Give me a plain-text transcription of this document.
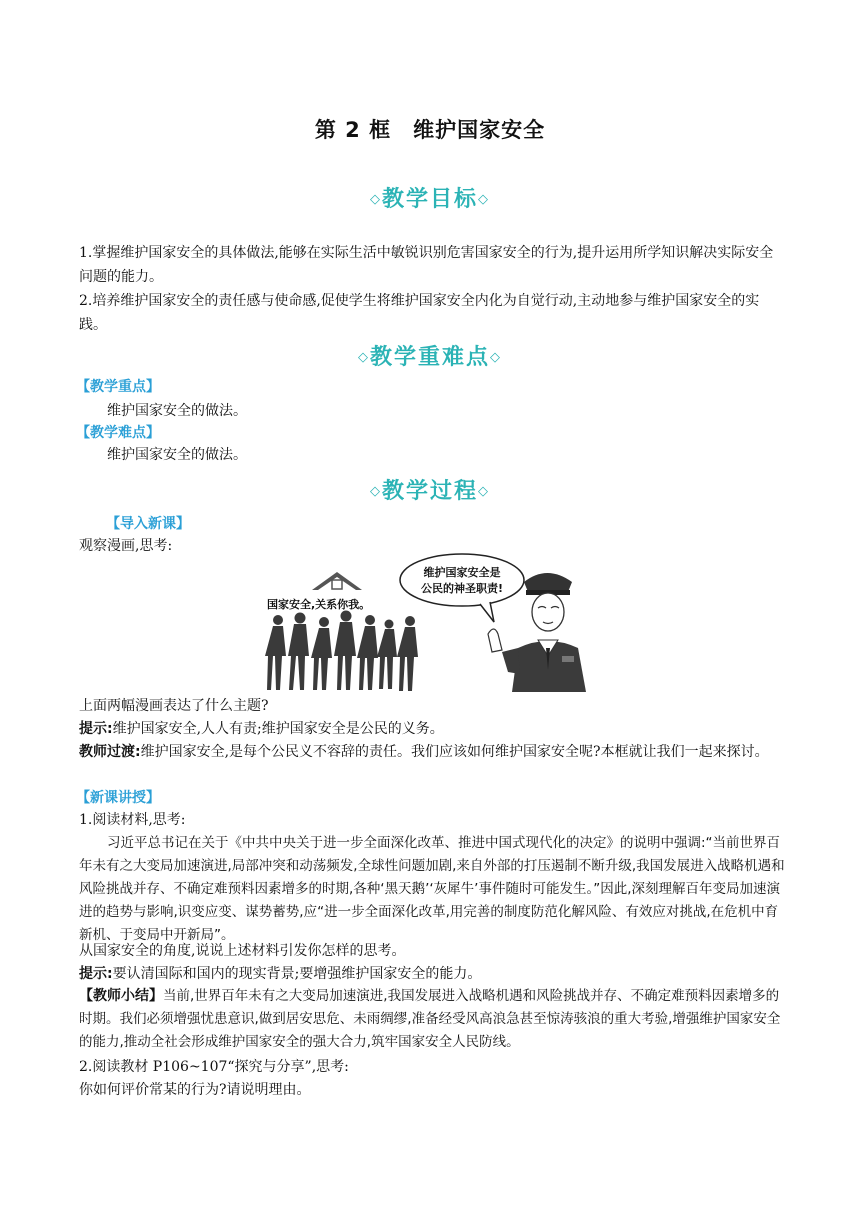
第 2 框　维护国家安全
◇教学目标◇
1.掌握维护国家安全的具体做法,能够在实际生活中敏锐识别危害国家安全的行为,提升运用所学知识解决实际安全问题的能力。
2.培养维护国家安全的责任感与使命感,促使学生将维护国家安全内化为自觉行动,主动地参与维护国家安全的实践。
◇教学重难点◇
【教学重点】
维护国家安全的做法。
【教学难点】
维护国家安全的做法。
◇教学过程◇
【导入新课】
观察漫画,思考:
国家安全,关系你我。
维护国家安全是
公民的神圣职责!
上面两幅漫画表达了什么主题?
提示:维护国家安全,人人有责;维护国家安全是公民的义务。
教师过渡:维护国家安全,是每个公民义不容辞的责任。我们应该如何维护国家安全呢?本框就让我们一起来探讨。
【新课讲授】
1.阅读材料,思考:
习近平总书记在关于《中共中央关于进一步全面深化改革、推进中国式现代化的决定》的说明中强调:“当前世界百年未有之大变局加速演进,局部冲突和动荡频发,全球性问题加剧,来自外部的打压遏制不断升级,我国发展进入战略机遇和风险挑战并存、不确定难预料因素增多的时期,各种‘黑天鹅’‘灰犀牛’事件随时可能发生。”因此,深刻理解百年变局加速演进的趋势与影响,识变应变、谋势蓄势,应“进一步全面深化改革,用完善的制度防范化解风险、有效应对挑战,在危机中育新机、于变局中开新局”。
从国家安全的角度,说说上述材料引发你怎样的思考。
提示:要认清国际和国内的现实背景;要增强维护国家安全的能力。
【教师小结】当前,世界百年未有之大变局加速演进,我国发展进入战略机遇和风险挑战并存、不确定难预料因素增多的时期。我们必须增强忧患意识,做到居安思危、未雨绸缪,准备经受风高浪急甚至惊涛骇浪的重大考验,增强维护国家安全的能力,推动全社会形成维护国家安全的强大合力,筑牢国家安全人民防线。
2.阅读教材 P106~107“探究与分享”,思考:
你如何评价常某的行为?请说明理由。
